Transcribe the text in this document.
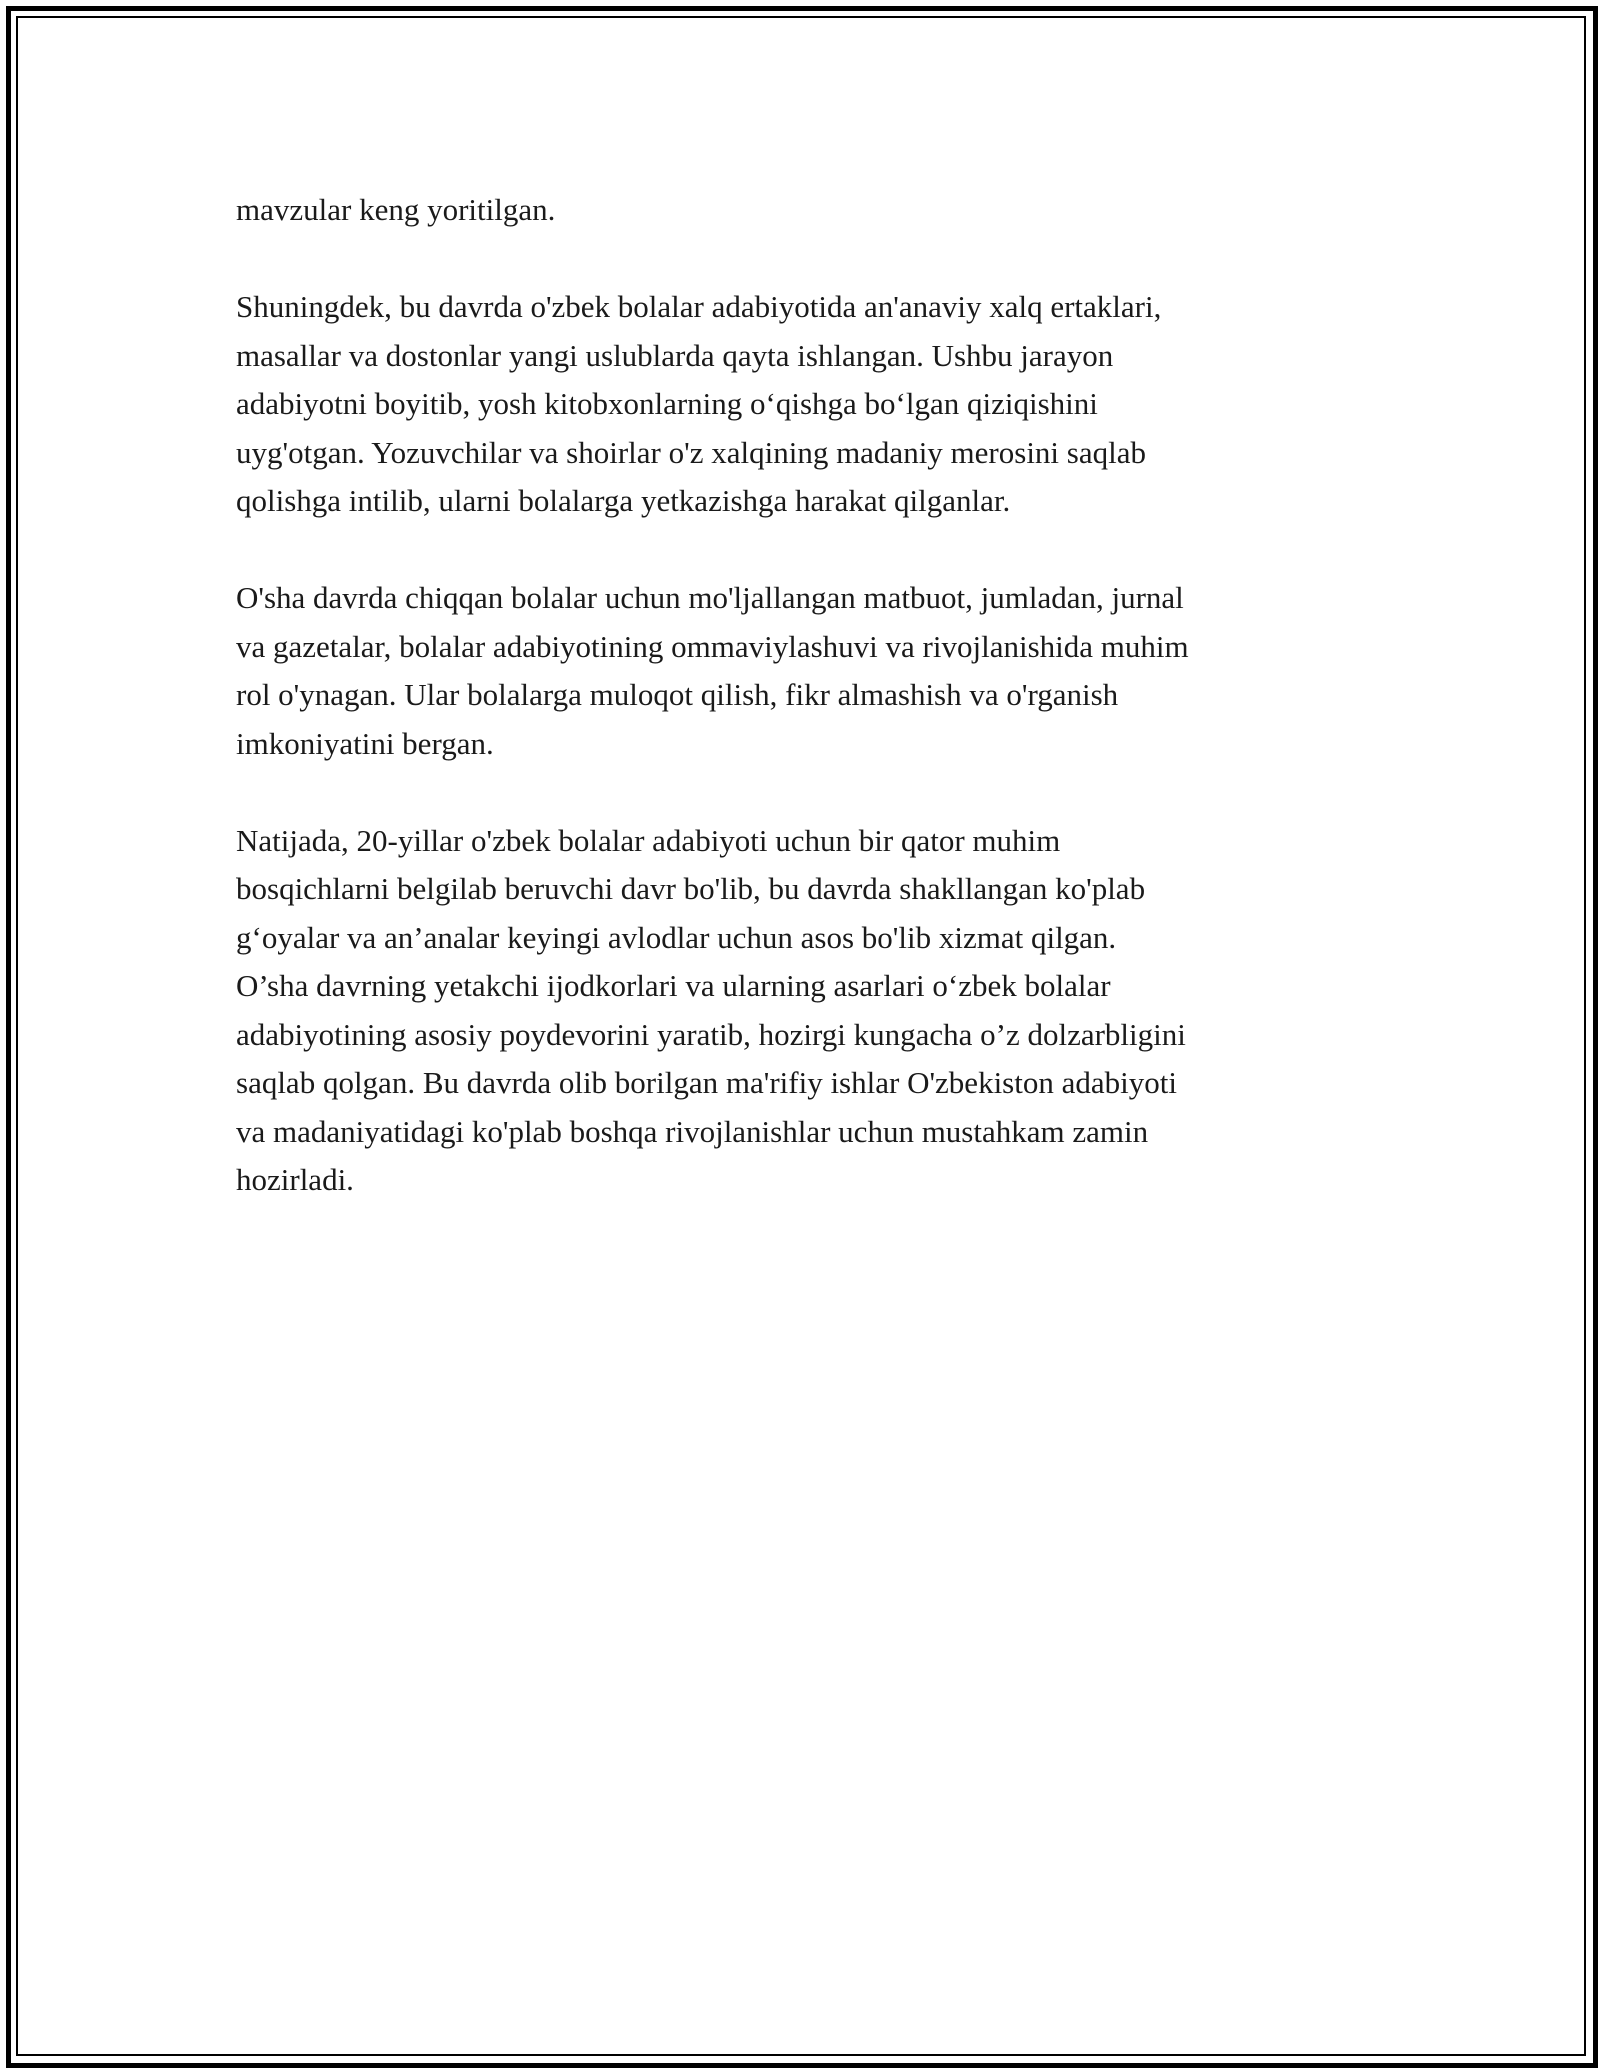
mavzular keng yoritilgan.
Shuningdek, bu davrda o'zbek bolalar adabiyotida an'anaviy xalq ertaklari,
masallar va dostonlar yangi uslublarda qayta ishlangan. Ushbu jarayon
adabiyotni boyitib, yosh kitobxonlarning o‘qishga bo‘lgan qiziqishini
uyg'otgan. Yozuvchilar va shoirlar o'z xalqining madaniy merosini saqlab
qolishga intilib, ularni bolalarga yetkazishga harakat qilganlar.
O'sha davrda chiqqan bolalar uchun mo'ljallangan matbuot, jumladan, jurnal
va gazetalar, bolalar adabiyotining ommaviylashuvi va rivojlanishida muhim
rol o'ynagan. Ular bolalarga muloqot qilish, fikr almashish va o'rganish
imkoniyatini bergan.
Natijada, 20-yillar o'zbek bolalar adabiyoti uchun bir qator muhim
bosqichlarni belgilab beruvchi davr bo'lib, bu davrda shakllangan ko'plab
g‘oyalar va an’analar keyingi avlodlar uchun asos bo'lib xizmat qilgan.
O’sha davrning yetakchi ijodkorlari va ularning asarlari o‘zbek bolalar
adabiyotining asosiy poydevorini yaratib, hozirgi kungacha o’z dolzarbligini
saqlab qolgan. Bu davrda olib borilgan ma'rifiy ishlar O'zbekiston adabiyoti
va madaniyatidagi ko'plab boshqa rivojlanishlar uchun mustahkam zamin
hozirladi.
